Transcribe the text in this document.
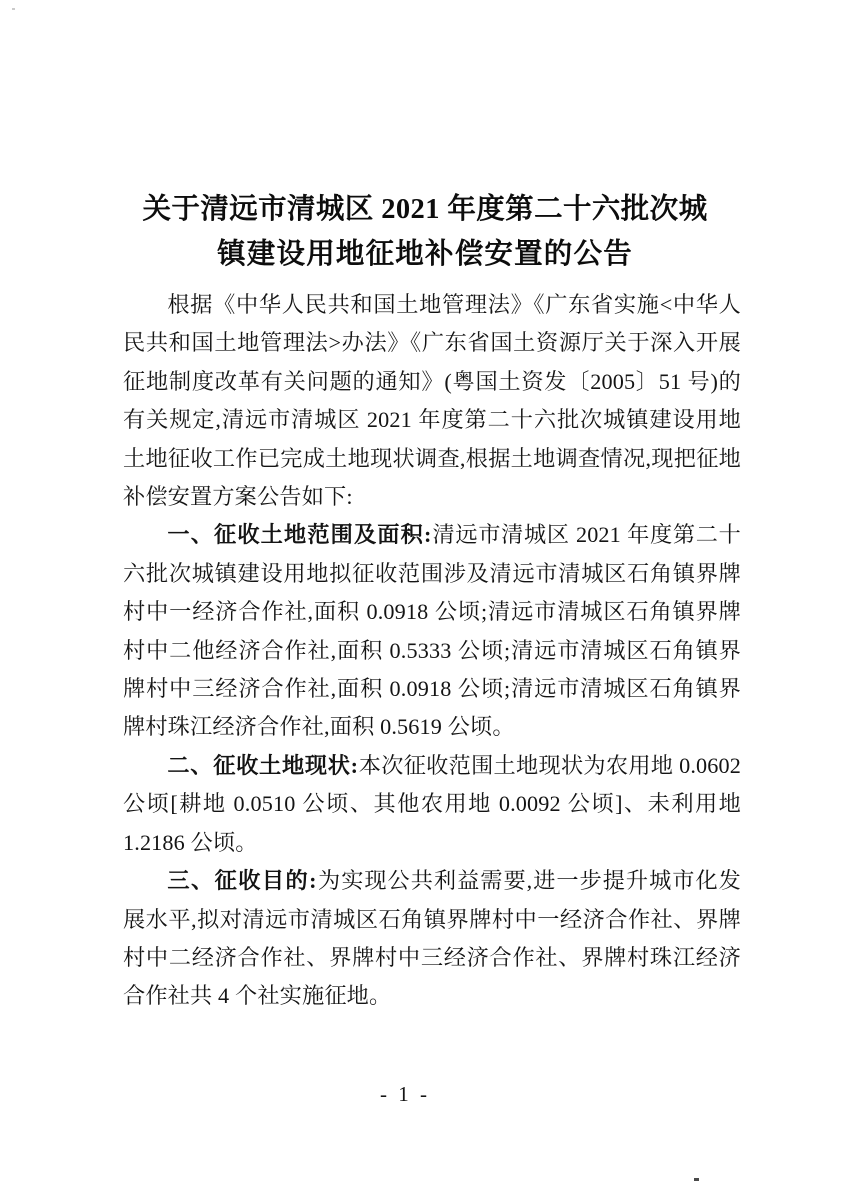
关于清远市清城区 2021 年度第二十六批次城
镇建设用地征地补偿安置的公告

根据《中华人民共和国土地管理法》《广东省实施<中华人民共和国土地管理法>办法》《广东省国土资源厅关于深入开展征地制度改革有关问题的通知》(粤国土资发〔2005〕51 号)的有关规定,清远市清城区 2021 年度第二十六批次城镇建设用地土地征收工作已完成土地现状调查,根据土地调查情况,现把征地补偿安置方案公告如下:

一、征收土地范围及面积:清远市清城区 2021 年度第二十六批次城镇建设用地拟征收范围涉及清远市清城区石角镇界牌村中一经济合作社,面积 0.0918 公顷;清远市清城区石角镇界牌村中二他经济合作社,面积 0.5333 公顷;清远市清城区石角镇界牌村中三经济合作社,面积 0.0918 公顷;清远市清城区石角镇界牌村珠江经济合作社,面积 0.5619 公顷。

二、征收土地现状:本次征收范围土地现状为农用地 0.0602 公顷[耕地 0.0510 公顷、其他农用地 0.0092 公顷]、未利用地 1.2186 公顷。

三、征收目的:为实现公共利益需要,进一步提升城市化发展水平,拟对清远市清城区石角镇界牌村中一经济合作社、界牌村中二经济合作社、界牌村中三经济合作社、界牌村珠江经济合作社共 4 个社实施征地。

- 1 -
